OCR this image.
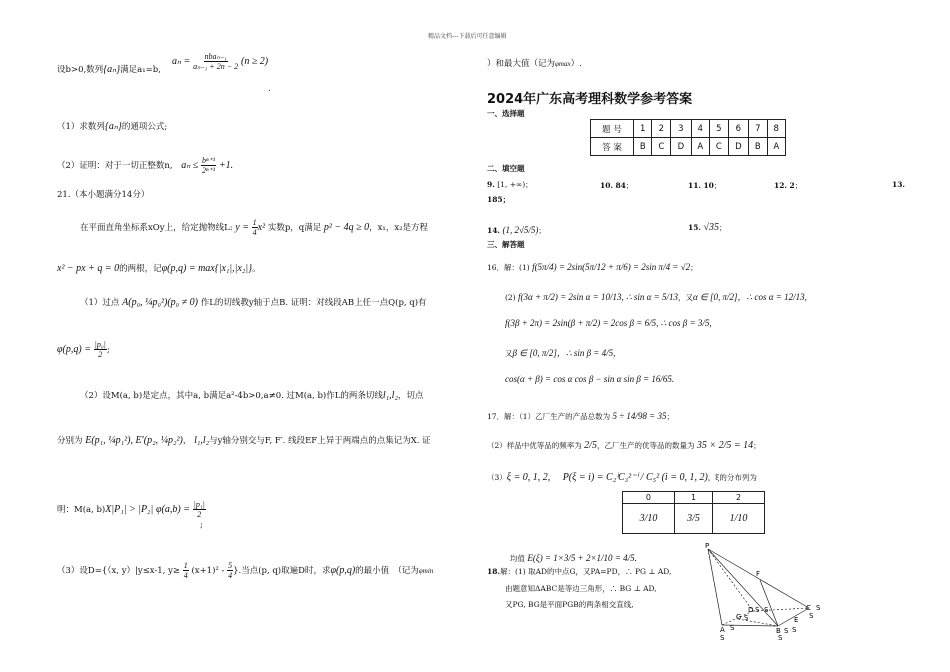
精品文档---下载后可任意编辑
设b>0,数列{aₙ}满足a₁=b,
$a_n = \frac{\text{nbaₙ₋₁}}{\text{aₙ₋₁ + 2n − 2}} (n \ge 2)$
.
（1）求数列{aₙ}的通项公式;
（2）证明：对于一切正整数n, $a_n \le \frac{\text{bⁿ⁺¹}}{\text{2ⁿ⁺¹}} +1$.
21.（本小题满分14分）
在平面直角坐标系xOy上，给定抛物线L: $y = \frac{1}{4} x^2$ 实数p，q满足 p² − 4q ≥ 0，x₁，x₂是方程
x² − px + q = 0的两根，记φ(p,q) = max{|x₁|,|x₂|}。
（1）过点 A(p₀, ¼p₀²)(p₀ ≠ 0) 作L的切线教y轴于点B. 证明：对线段AB上任一点Q(p, q)有
$\varphi(p,q) = \frac{\text{|p₀|}}{2}$ ;
（2）设M(a, b)是定点，其中a, b满足a²-4b>0,a≠0. 过M(a, b)作L的两条切线l₁,l₂，切点
分别为 E(p₁, ¼p₁²), E′(p₂, ¼p₂²)， l₁,l₂与y轴分别交与F, F′. 线段EF上异于两端点的点集记为X. 证
明：M(a, b)X|P₁| > |P₂| $\varphi(a,b) = \frac{\text{|p₁|}}{2}$
;
（3）设D={（x, y）|y≤x-1, $y\ge \frac{1}{4} (x+1)^2 - \frac{5}{4}$ }.当点(p, q)取遍D时，求φ(p,q)的最小值　（记为φmin
）和最大值（记为φmax）.
2024年广东高考理科数学参考答案
一、选择题
题 号	1	2	3	4	5	6	7	8
答 案	B	C	D	A	C	D	B	A
二、填空题
9. [1, +∞)；	10. 84；	11. 10；	12. 2；	13.
185；
14. (1, 2√5/5)；	15. √35；
三、解答题
16．解：(1) f(5π/4) = 2sin(5π/12 + π/6) = 2sin π/4 = √2；
(2) f(3α + π/2) = 2sin α = 10/13, ∴ sin α = 5/13，又α ∈ [0, π/2]，∴ cos α = 12/13,
f(3β + 2π) = 2sin(β + π/2) = 2cos β = 6/5, ∴ cos β = 3/5,
又β ∈ [0, π/2]，∴ sin β = 4/5,
cos(α + β) = cos α cos β − sin α sin β = 16/65.
17．解：（1）乙厂生产的产品总数为 5 ÷ 14/98 = 35；
（2）样品中优等品的频率为 2/5，乙厂生产的优等品的数量为 35 × 2/5 = 14；
（3）ξ = 0, 1, 2, P(ξ = i) = C₂ⁱC₃²⁻ⁱ / C₅² (i = 0, 1, 2)，ξ的分布列为
	0	1	2
	3/10	3/5	1/10
均值 E(ξ) = 1×3/5 + 2×1/10 = 4/5.
18.解：(1) 取AD的中点G，又PA=PD，∴ PG ⊥ AD,
由题意知ΔABC是等边三角形，∴ BG ⊥ AD,
又PG, BG是平面PGB的两条相交直线,
P
F
D	C
G
A	B
E
S S
S
S
S
S
S
S
S
S
